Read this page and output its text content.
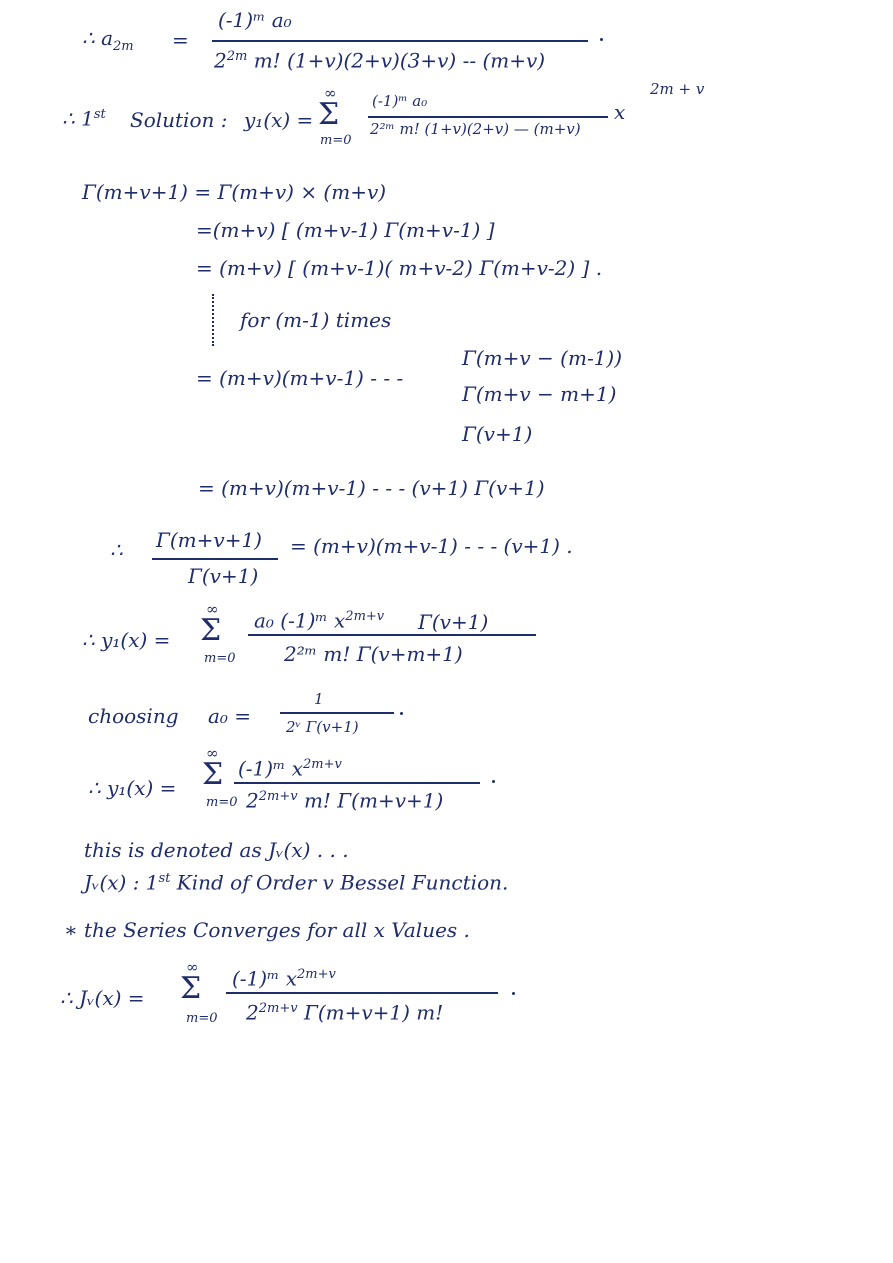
∴ $a_{2m}$ =
(-1)ᵐ a₀
$2^{2m}$ m! (1+v)(2+v)(3+v) -- (m+v)
∴ 1st Solution : y₁(x) =
∞
Σ
m=0
(-1)ᵐ a₀
2²ᵐ m! (1+v)(2+v) — (m+v)
x
2m + v
Γ(m+v+1) = Γ(m+v) × (m+v)
=(m+v) [ (m+v-1) Γ(m+v-1) ]
= (m+v) [ (m+v-1)( m+v-2) Γ(m+v-2) ] .
for (m-1) times
= (m+v)(m+v-1) - - -
Γ(m+v − (m-1))
Γ(m+v − m+1)
Γ(v+1)
= (m+v)(m+v-1) - - - (v+1) Γ(v+1)
∴ Γ(m+v+1)
Γ(v+1)
= (m+v)(m+v-1) - - - (v+1) .
∴ y₁(x) =
∞
Σ
m=0
a₀ (-1)ᵐ $x^{2m+v}$ Γ(v+1)
2²ᵐ m! Γ(v+m+1)
choosing a₀ =
1
2ᵛ Γ(v+1)
∴ y₁(x) =
∞
Σ
m=0
(-1)ᵐ $x^{2m+v}$
$2^{2m+v}$ m! Γ(m+v+1)
this is denoted as Jᵥ(x) . . .
Jᵥ(x) : 1st Kind of Order v Bessel Function.
∗ the Series Converges for all x Values .
∴ Jᵥ(x) =
∞
Σ
m=0
(-1)ᵐ $x^{2m+v}$
$2^{2m+v}$ Γ(m+v+1) m!
